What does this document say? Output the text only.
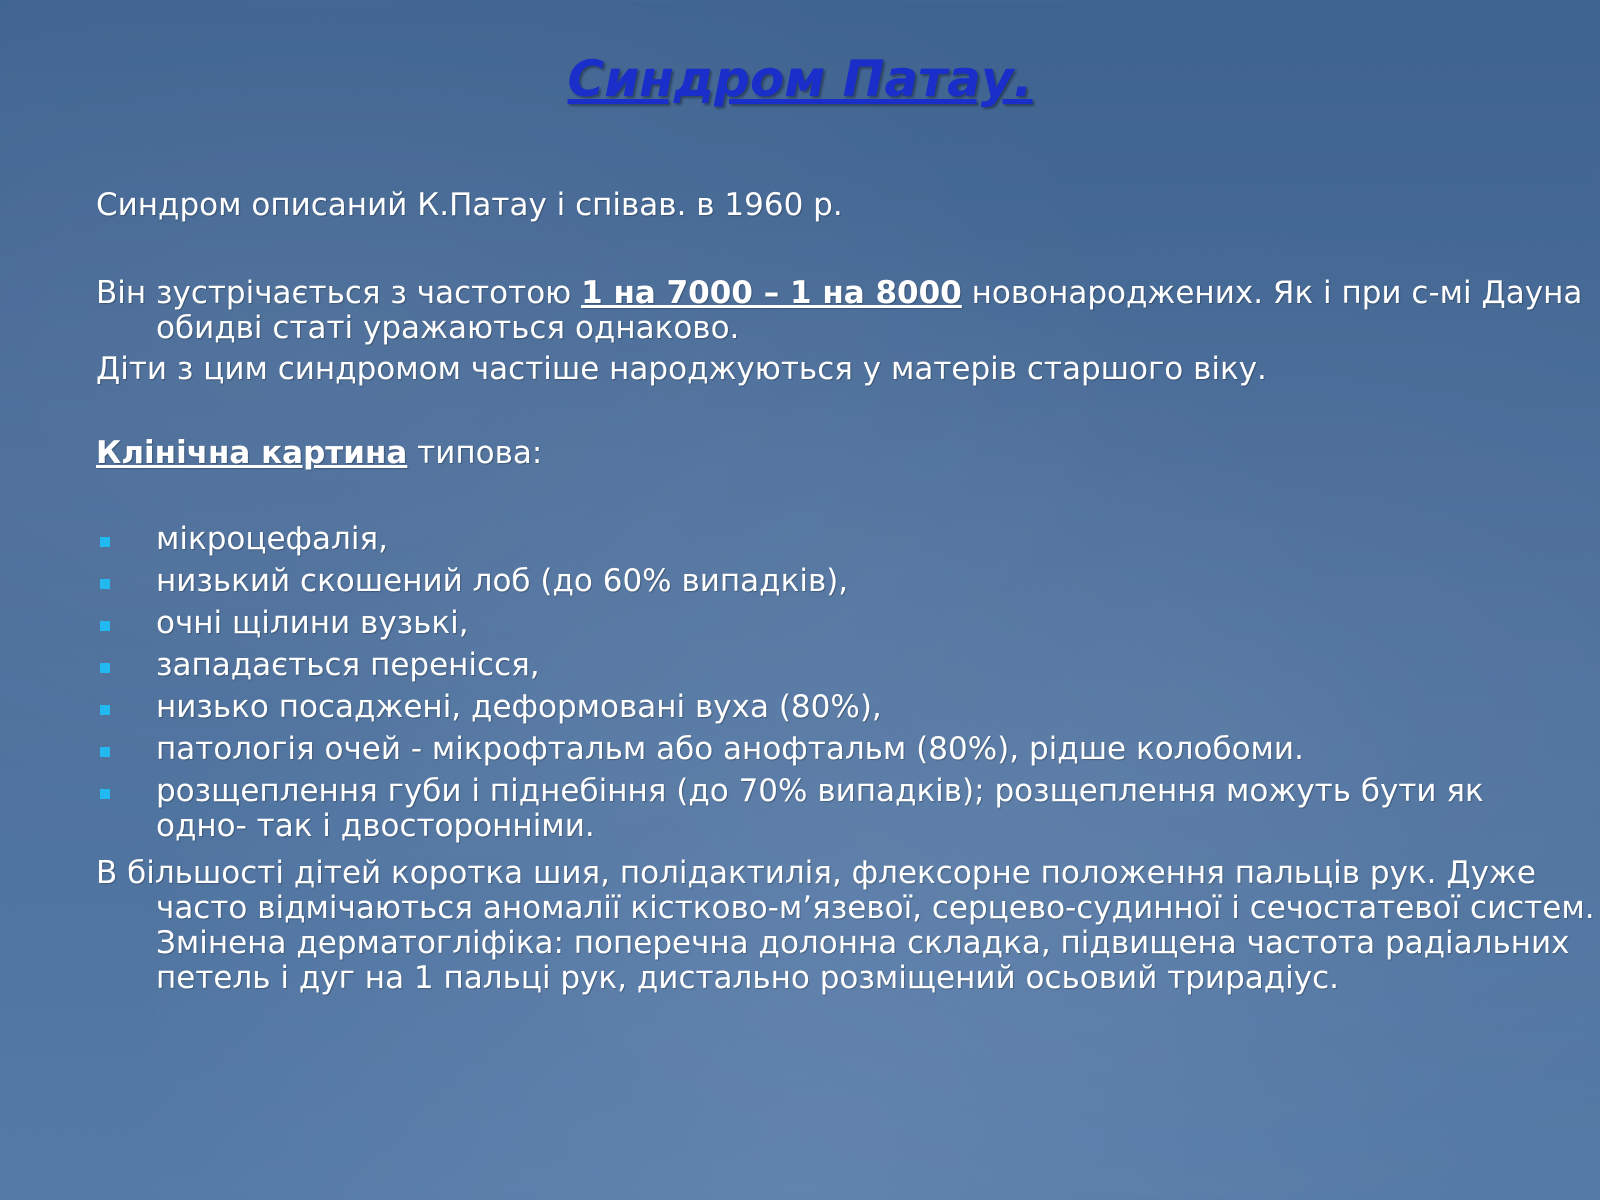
Синдром Патау.

Синдром описаний К.Патау і співав. в 1960 р.

Він зустрічається з частотою 1 на 7000 – 1 на 8000 новонароджених. Як і при с-мі Дауна обидві статі уражаються однаково.

Діти з цим синдромом частіше народжуються у матерів старшого віку.

Клінічна картина типова:

мікроцефалія,
низький скошений лоб (до 60% випадків),
очні щілини вузькі,
западається перенісся,
низько посаджені, деформовані вуха (80%),
патологія очей - мікрофтальм або анофтальм (80%), рідше колобоми.
розщеплення губи і піднебіння (до 70% випадків); розщеплення можуть бути як одно- так і двосторонніми.

В більшості дітей коротка шия, полідактилія, флексорне положення пальців рук. Дуже часто відмічаються аномалії кістково-м’язевої, серцево-судинної і сечостатевої систем. Змінена дерматогліфіка: поперечна долонна складка, підвищена частота радіальних петель і дуг на 1 пальці рук, дистально розміщений осьовий трирадіус.
